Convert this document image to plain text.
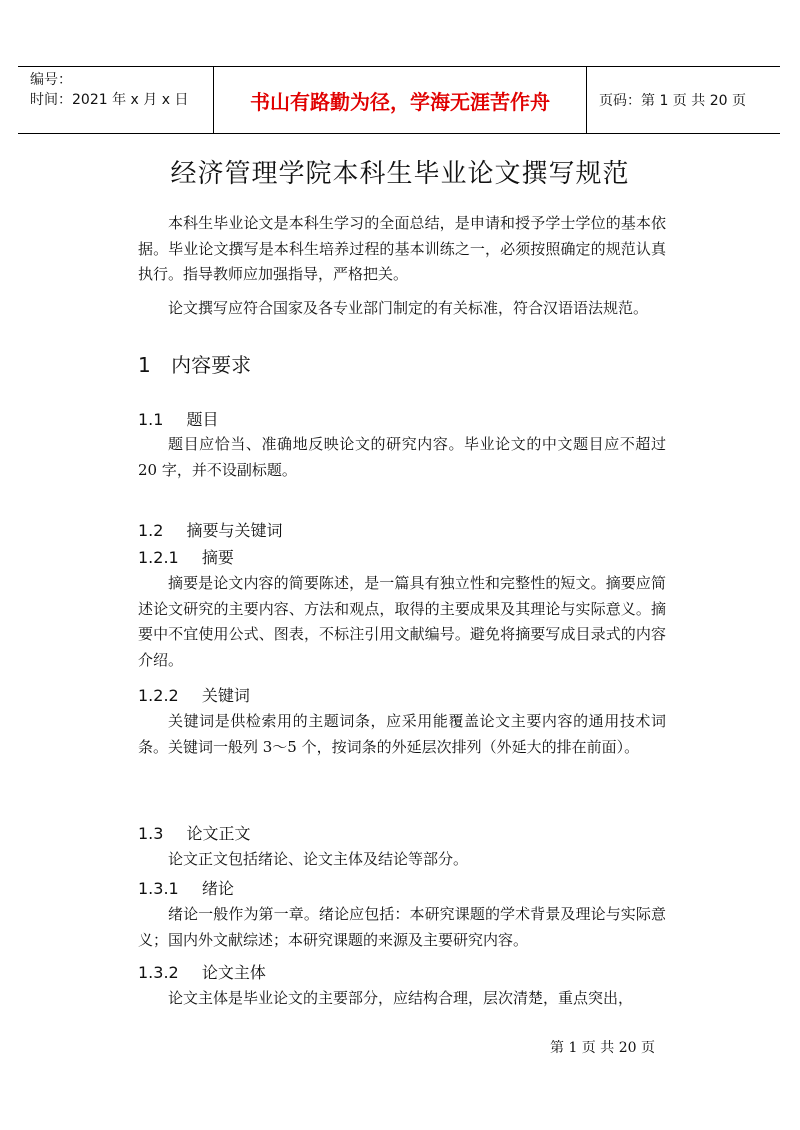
编号：
时间：2021 年 x 月 x 日	书山有路勤为径，学海无涯苦作舟	页码：第 1 页 共 20 页
经济管理学院本科生毕业论文撰写规范

本科生毕业论文是本科生学习的全面总结，是申请和授予学士学位的基本依据。毕业论文撰写是本科生培养过程的基本训练之一，必须按照确定的规范认真执行。指导教师应加强指导，严格把关。

论文撰写应符合国家及各专业部门制定的有关标准，符合汉语语法规范。

1 内容要求
1.1 题目

题目应恰当、准确地反映论文的研究内容。毕业论文的中文题目应不超过 20 字，并不设副标题。

1.2 摘要与关键词
1.2.1 摘要

摘要是论文内容的简要陈述，是一篇具有独立性和完整性的短文。摘要应简述论文研究的主要内容、方法和观点，取得的主要成果及其理论与实际意义。摘要中不宜使用公式、图表，不标注引用文献编号。避免将摘要写成目录式的内容介绍。

1.2.2 关键词

关键词是供检索用的主题词条，应采用能覆盖论文主要内容的通用技术词条。关键词一般列 3～5 个，按词条的外延层次排列（外延大的排在前面）。

1.3 论文正文

论文正文包括绪论、论文主体及结论等部分。

1.3.1 绪论

绪论一般作为第一章。绪论应包括：本研究课题的学术背景及理论与实际意义；国内外文献综述；本研究课题的来源及主要研究内容。

1.3.2 论文主体

论文主体是毕业论文的主要部分，应结构合理，层次清楚，重点突出，

第 1 页 共 20 页
